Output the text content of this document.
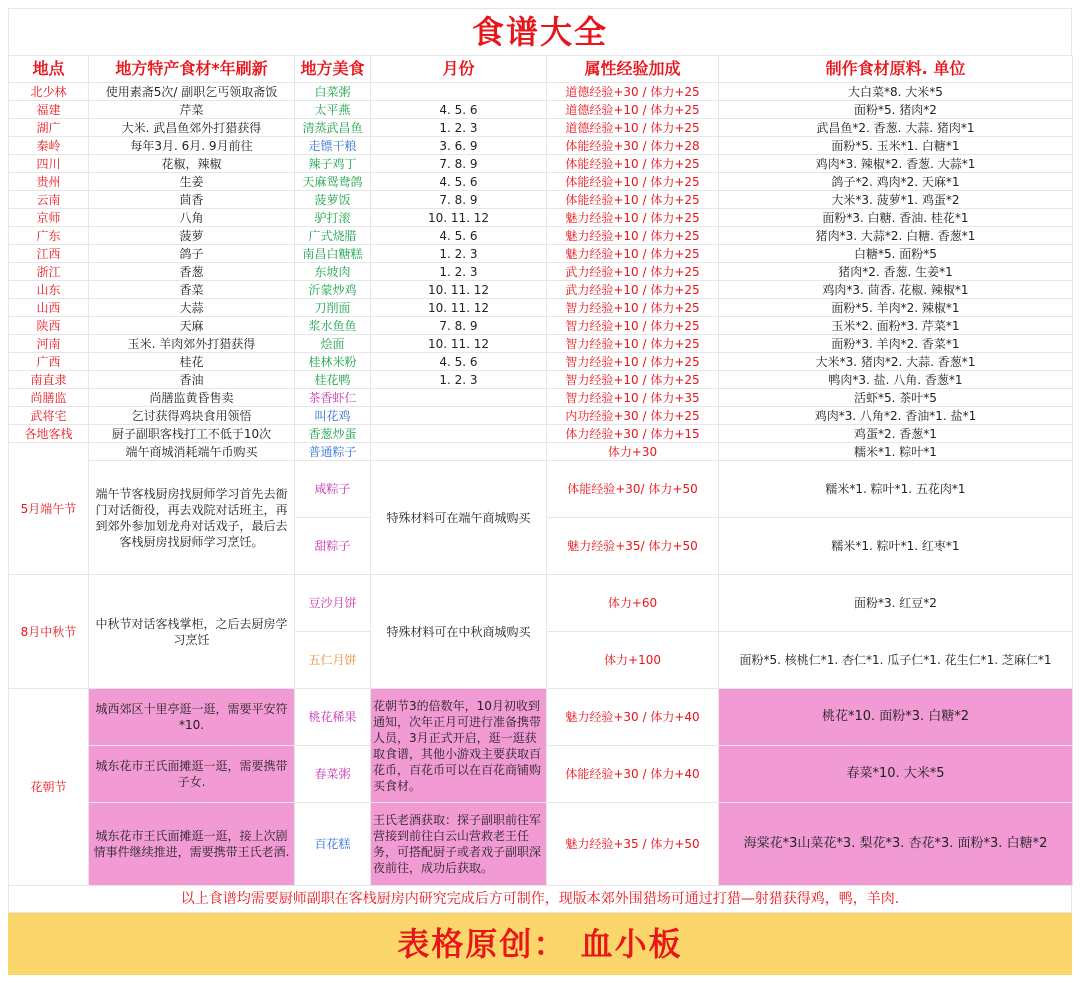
食谱大全
地点	地方特产食材*年刷新	地方美食	月份	属性经验加成	制作食材原料. 单位
北少林	使用素斋5次/ 副职乞丐领取斋饭	白菜粥		道德经验+30 / 体力+25	大白菜*8. 大米*5
福建	芹菜	太平燕	4. 5. 6	道德经验+10 / 体力+25	面粉*5. 猪肉*2
湖广	大米. 武昌鱼郊外打猎获得	清蒸武昌鱼	1. 2. 3	道德经验+10 / 体力+25	武昌鱼*2. 香葱. 大蒜. 猪肉*1
秦岭	每年3月. 6月. 9月前往	走镖干粮	3. 6. 9	体能经验+30 / 体力+28	面粉*5. 玉米*1. 白糖*1
四川	花椒，辣椒	辣子鸡丁	7. 8. 9	体能经验+10 / 体力+25	鸡肉*3. 辣椒*2. 香葱. 大蒜*1
贵州	生姜	天麻鸳鸯鸽	4. 5. 6	体能经验+10 / 体力+25	鸽子*2. 鸡肉*2. 天麻*1
云南	茴香	菠萝饭	7. 8. 9	体能经验+10 / 体力+25	大米*3. 菠萝*1. 鸡蛋*2
京师	八角	驴打滚	10. 11. 12	魅力经验+10 / 体力+25	面粉*3. 白糖. 香油. 桂花*1
广东	菠萝	广式烧腊	4. 5. 6	魅力经验+10 / 体力+25	猪肉*3. 大蒜*2. 白糖. 香葱*1
江西	鸽子	南昌白糖糕	1. 2. 3	魅力经验+10 / 体力+25	白糖*5. 面粉*5
浙江	香葱	东坡肉	1. 2. 3	武力经验+10 / 体力+25	猪肉*2. 香葱. 生姜*1
山东	香菜	沂蒙炒鸡	10. 11. 12	武力经验+10 / 体力+25	鸡肉*3. 茴香. 花椒. 辣椒*1
山西	大蒜	刀削面	10. 11. 12	智力经验+10 / 体力+25	面粉*5. 羊肉*2. 辣椒*1
陕西	天麻	浆水鱼鱼	7. 8. 9	智力经验+10 / 体力+25	玉米*2. 面粉*3. 芹菜*1
河南	玉米. 羊肉郊外打猎获得	烩面	10. 11. 12	智力经验+10 / 体力+25	面粉*3. 羊肉*2. 香菜*1
广西	桂花	桂林米粉	4. 5. 6	智力经验+10 / 体力+25	大米*3. 猪肉*2. 大蒜. 香葱*1
南直隶	香油	桂花鸭	1. 2. 3	智力经验+10 / 体力+25	鸭肉*3. 盐. 八角. 香葱*1
尚膳监	尚膳监黄昏售卖	茶香虾仁		智力经验+10 / 体力+35	活虾*5. 茶叶*5
武将宅	乞讨获得鸡块食用领悟	叫花鸡		内功经验+30 / 体力+25	鸡肉*3. 八角*2. 香油*1. 盐*1
各地客栈	厨子副职客栈打工不低于10次	香葱炒蛋		体力经验+30 / 体力+15	鸡蛋*2. 香葱*1
5月端午节	端午商城消耗端午币购买	普通粽子		体力+30	糯米*1. 粽叶*1
	端午节客栈厨房找厨师学习首先去衙门对话衙役，再去戏院对话班主，再到郊外参加划龙舟对话戏子，最后去客栈厨房找厨师学习烹饪。	咸粽子	特殊材料可在端午商城购买	体能经验+30/ 体力+50	糯米*1. 粽叶*1. 五花肉*1
		甜粽子		魅力经验+35/ 体力+50	糯米*1. 粽叶*1. 红枣*1
8月中秋节	中秋节对话客栈掌柜，之后去厨房学习烹饪	豆沙月饼	特殊材料可在中秋商城购买	体力+60	面粉*3. 红豆*2
		五仁月饼		体力+100	面粉*5. 核桃仁*1. 杏仁*1. 瓜子仁*1. 花生仁*1. 芝麻仁*1
花朝节	城西郊区十里亭逛一逛，需要平安符*10.	桃花稀果	花朝节3的倍数年，10月初收到通知，次年正月可进行准备携带人员，3月正式开启，逛一逛获取食谱，其他小游戏主要获取百花币，百花币可以在百花商铺购买食材。	魅力经验+30 / 体力+40	桃花*10. 面粉*3. 白糖*2
	城东花市王氏面摊逛一逛，需要携带子女.	春菜粥		体能经验+30 / 体力+40	春菜*10. 大米*5
	城东花市王氏面摊逛一逛，接上次剧情事件继续推进，需要携带王氏老酒.	百花糕	王氏老酒获取：探子副职前往军营接到前往白云山营救老王任务，可搭配厨子或者戏子副职深夜前往，成功后获取。	魅力经验+35 / 体力+50	海棠花*3山菜花*3. 梨花*3. 杏花*3. 面粉*3. 白糖*2
以上食谱均需要厨师副职在客栈厨房内研究完成后方可制作，现版本郊外围猎场可通过打猎—射猎获得鸡，鸭，羊肉.
表格原创： 血小板
